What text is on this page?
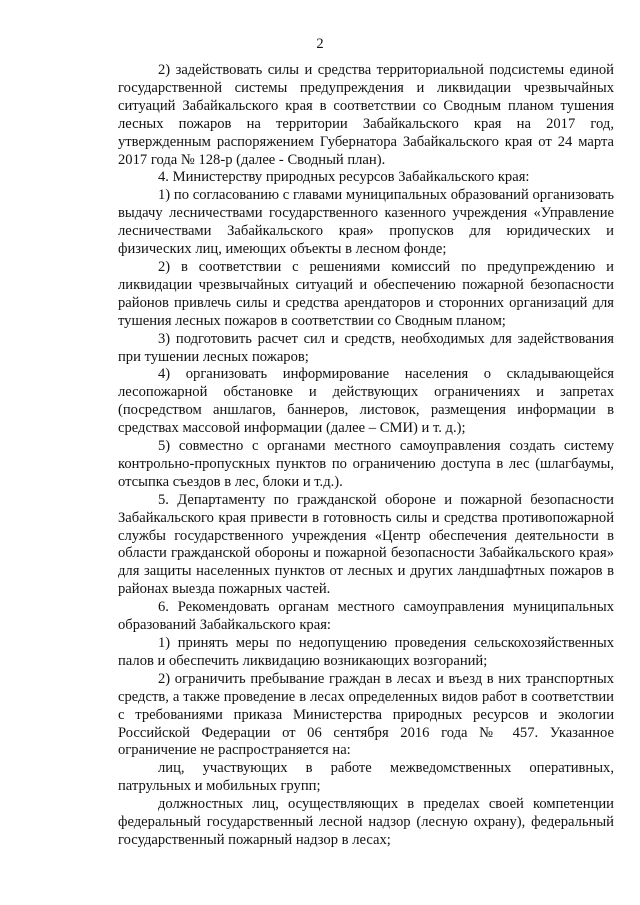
2

2) задействовать силы и средства территориальной подсистемы единой государственной системы предупреждения и ликвидации чрезвычайных ситуаций Забайкальского края в соответствии со Сводным планом тушения лесных пожаров на территории Забайкальского края на 2017 год, утвержденным распоряжением Губернатора Забайкальского края от 24 марта 2017 года № 128-р (далее - Сводный план).

4. Министерству природных ресурсов Забайкальского края:

1) по согласованию с главами муниципальных образований организовать выдачу лесничествами государственного казенного учреждения «Управление лесничествами Забайкальского края» пропусков для юридических и физических лиц, имеющих объекты в лесном фонде;

2) в соответствии с решениями комиссий по предупреждению и ликвидации чрезвычайных ситуаций и обеспечению пожарной безопасности районов привлечь силы и средства арендаторов и сторонних организаций для тушения лесных пожаров в соответствии со Сводным планом;

3) подготовить расчет сил и средств, необходимых для задействования при тушении лесных пожаров;

4) организовать информирование населения о складывающейся лесопожарной обстановке и действующих ограничениях и запретах (посредством аншлагов, баннеров, листовок, размещения информации в средствах массовой информации (далее – СМИ) и т. д.);

5) совместно с органами местного самоуправления создать систему контрольно-пропускных пунктов по ограничению доступа в лес (шлагбаумы, отсыпка съездов в лес, блоки и т.д.).

5. Департаменту по гражданской обороне и пожарной безопасности Забайкальского края привести в готовность силы и средства противопожарной службы государственного учреждения «Центр обеспечения деятельности в области гражданской обороны и пожарной безопасности Забайкальского края» для защиты населенных пунктов от лесных и других ландшафтных пожаров в районах выезда пожарных частей.

6. Рекомендовать органам местного самоуправления муниципальных образований Забайкальского края:

1) принять меры по недопущению проведения сельскохозяйственных палов и обеспечить ликвидацию возникающих возгораний;

2) ограничить пребывание граждан в лесах и въезд в них транспортных средств, а также проведение в лесах определенных видов работ в соответствии с требованиями приказа Министерства природных ресурсов и экологии Российской Федерации от 06 сентября 2016 года № 457. Указанное ограничение не распространяется на:

лиц, участвующих в работе межведомственных оперативных, патрульных и мобильных групп;

должностных лиц, осуществляющих в пределах своей компетенции федеральный государственный лесной надзор (лесную охрану), федеральный государственный пожарный надзор в лесах;
